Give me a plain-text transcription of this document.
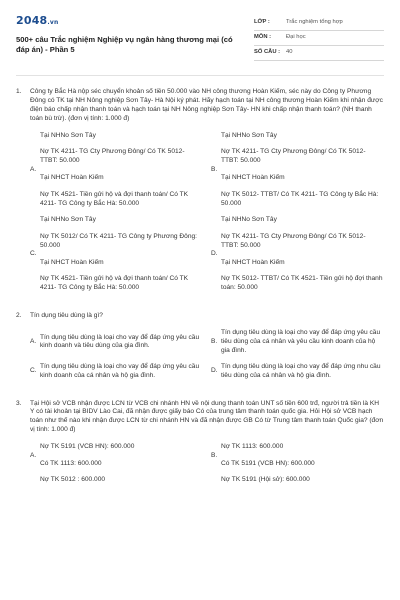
2048.vn
500+ câu Trắc nghiệm Nghiệp vụ ngân hàng thương mại (có đáp án) - Phần 5
LỚP :	Trắc nghiệm tổng hợp
MÔN :	Đại học
SỐ CÂU :	40
1.	Công ty Bắc Hà nộp séc chuyển khoản số tiền 50.000 vào NH công thương Hoàn Kiếm, séc này do Công ty Phương Đông có TK tại NH Nông nghiệp Sơn Tây- Hà Nội ký phát. Hãy hạch toán tại NH công thương Hoàn Kiếm khi nhận được điện báo chấp nhận thanh toán và hạch toán tại NH Nông nghiệp Sơn Tây- HN khi chấp nhận thanh toán? (NH thanh toán bù trừ). (đơn vị tính: 1.000 đ)
A.

Tại NHNo Sơn Tây

Nợ TK 4211- TG Cty Phương Đông/ Có TK 5012- TTBT: 50.000

Tại NHCT Hoàn Kiếm

Nợ TK 4521- Tiền gửi hộ và đợi thanh toán/ Có TK 4211- TG Công ty Bắc Hà: 50.000

B.

Tại NHNo Sơn Tây

Nợ TK 4211- TG Cty Phương Đông/ Có TK 5012- TTBT: 50.000

Tại NHCT Hoàn Kiếm

Nợ TK 5012- TTBT/ Có TK 4211- TG Công ty Bắc Hà: 50.000

C.

Tại NHNo Sơn Tây

Nợ TK 5012/ Có TK 4211- TG Công ty Phương Đông: 50.000

Tại NHCT Hoàn Kiếm

Nợ TK 4521- Tiền gửi hộ và đợi thanh toán/ Có TK 4211- TG Công ty Bắc Hà: 50.000

D.

Tại NHNo Sơn Tây

Nợ TK 4211- TG Cty Phương Đông/ Có TK 5012- TTBT: 50.000

Tại NHCT Hoàn Kiếm

Nợ TK 5012- TTBT/ Có TK 4521- Tiền gửi hộ đợi thanh toán: 50.000

2.	Tín dụng tiêu dùng là gì?
A.

Tín dụng tiêu dùng là loại cho vay để đáp ứng yêu cầu kinh doanh và tiêu dùng của gia đình.

B.

Tín dụng tiêu dùng là loại cho vay để đáp ứng yêu cầu tiêu dùng của cá nhân và yêu cầu kinh doanh của hộ gia đình.

C.

Tín dụng tiêu dùng là loại cho vay để đáp ứng yêu cầu kinh doanh của cá nhân và hộ gia đình.

D.

Tín dụng tiêu dùng là loại cho vay để đáp ứng nhu cầu tiêu dùng của cá nhân và hộ gia đình.

3.	Tại Hội sở VCB nhận được LCN từ VCB chi nhánh HN về nội dung thanh toán UNT số tiền 600 trđ, người trả tiền là KH Y có tài khoản tại BIDV Lào Cai, đã nhận được giấy báo Có của trung tâm thanh toán quốc gia. Hỏi Hội sở VCB hạch toán như thế nào khi nhận được LCN từ chi nhánh HN và đã nhận được GB Có từ Trung tâm thanh toán Quốc gia? (đơn vị tính: 1.000 đ)
A.

Nợ TK 5191 (VCB HN): 600.000

Có TK 1113: 600.000

B.

Nợ TK 1113: 600.000

Có TK 5191 (VCB HN): 600.000

Nợ TK 5012 : 600.000	Nợ TK 5191 (Hội sở): 600.000
